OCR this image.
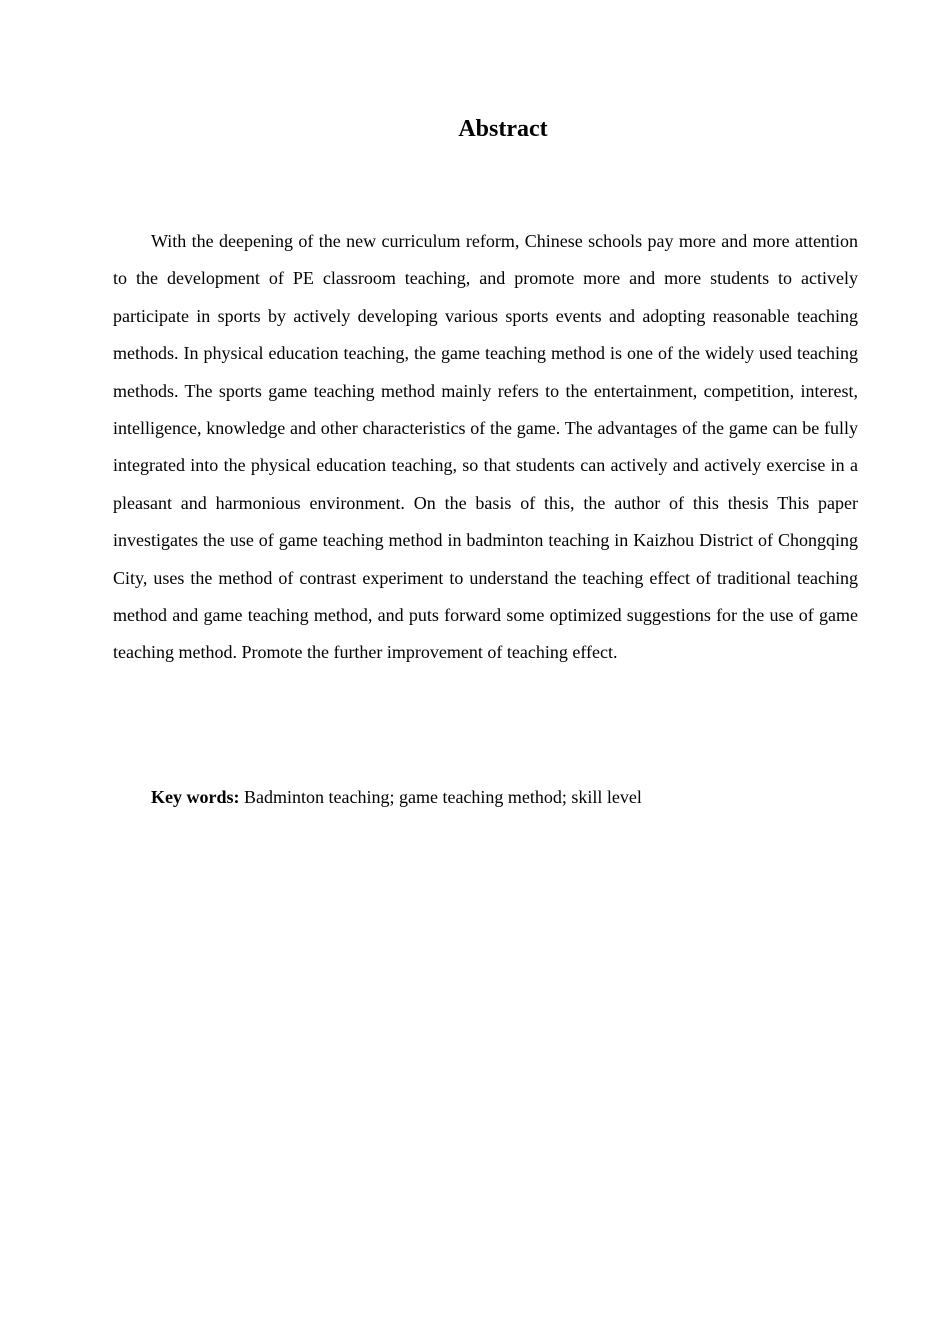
Abstract

With the deepening of the new curriculum reform, Chinese schools pay more and more attention to the development of PE classroom teaching, and promote more and more students to actively participate in sports by actively developing various sports events and adopting reasonable teaching methods. In physical education teaching, the game teaching method is one of the widely used teaching methods. The sports game teaching method mainly refers to the entertainment, competition, interest, intelligence, knowledge and other characteristics of the game. The advantages of the game can be fully integrated into the physical education teaching, so that students can actively and actively exercise in a pleasant and harmonious environment. On the basis of this, the author of this thesis This paper investigates the use of game teaching method in badminton teaching in Kaizhou District of Chongqing City, uses the method of contrast experiment to understand the teaching effect of traditional teaching method and game teaching method, and puts forward some optimized suggestions for the use of game teaching method. Promote the further improvement of teaching effect.

Key words: Badminton teaching; game teaching method; skill level
